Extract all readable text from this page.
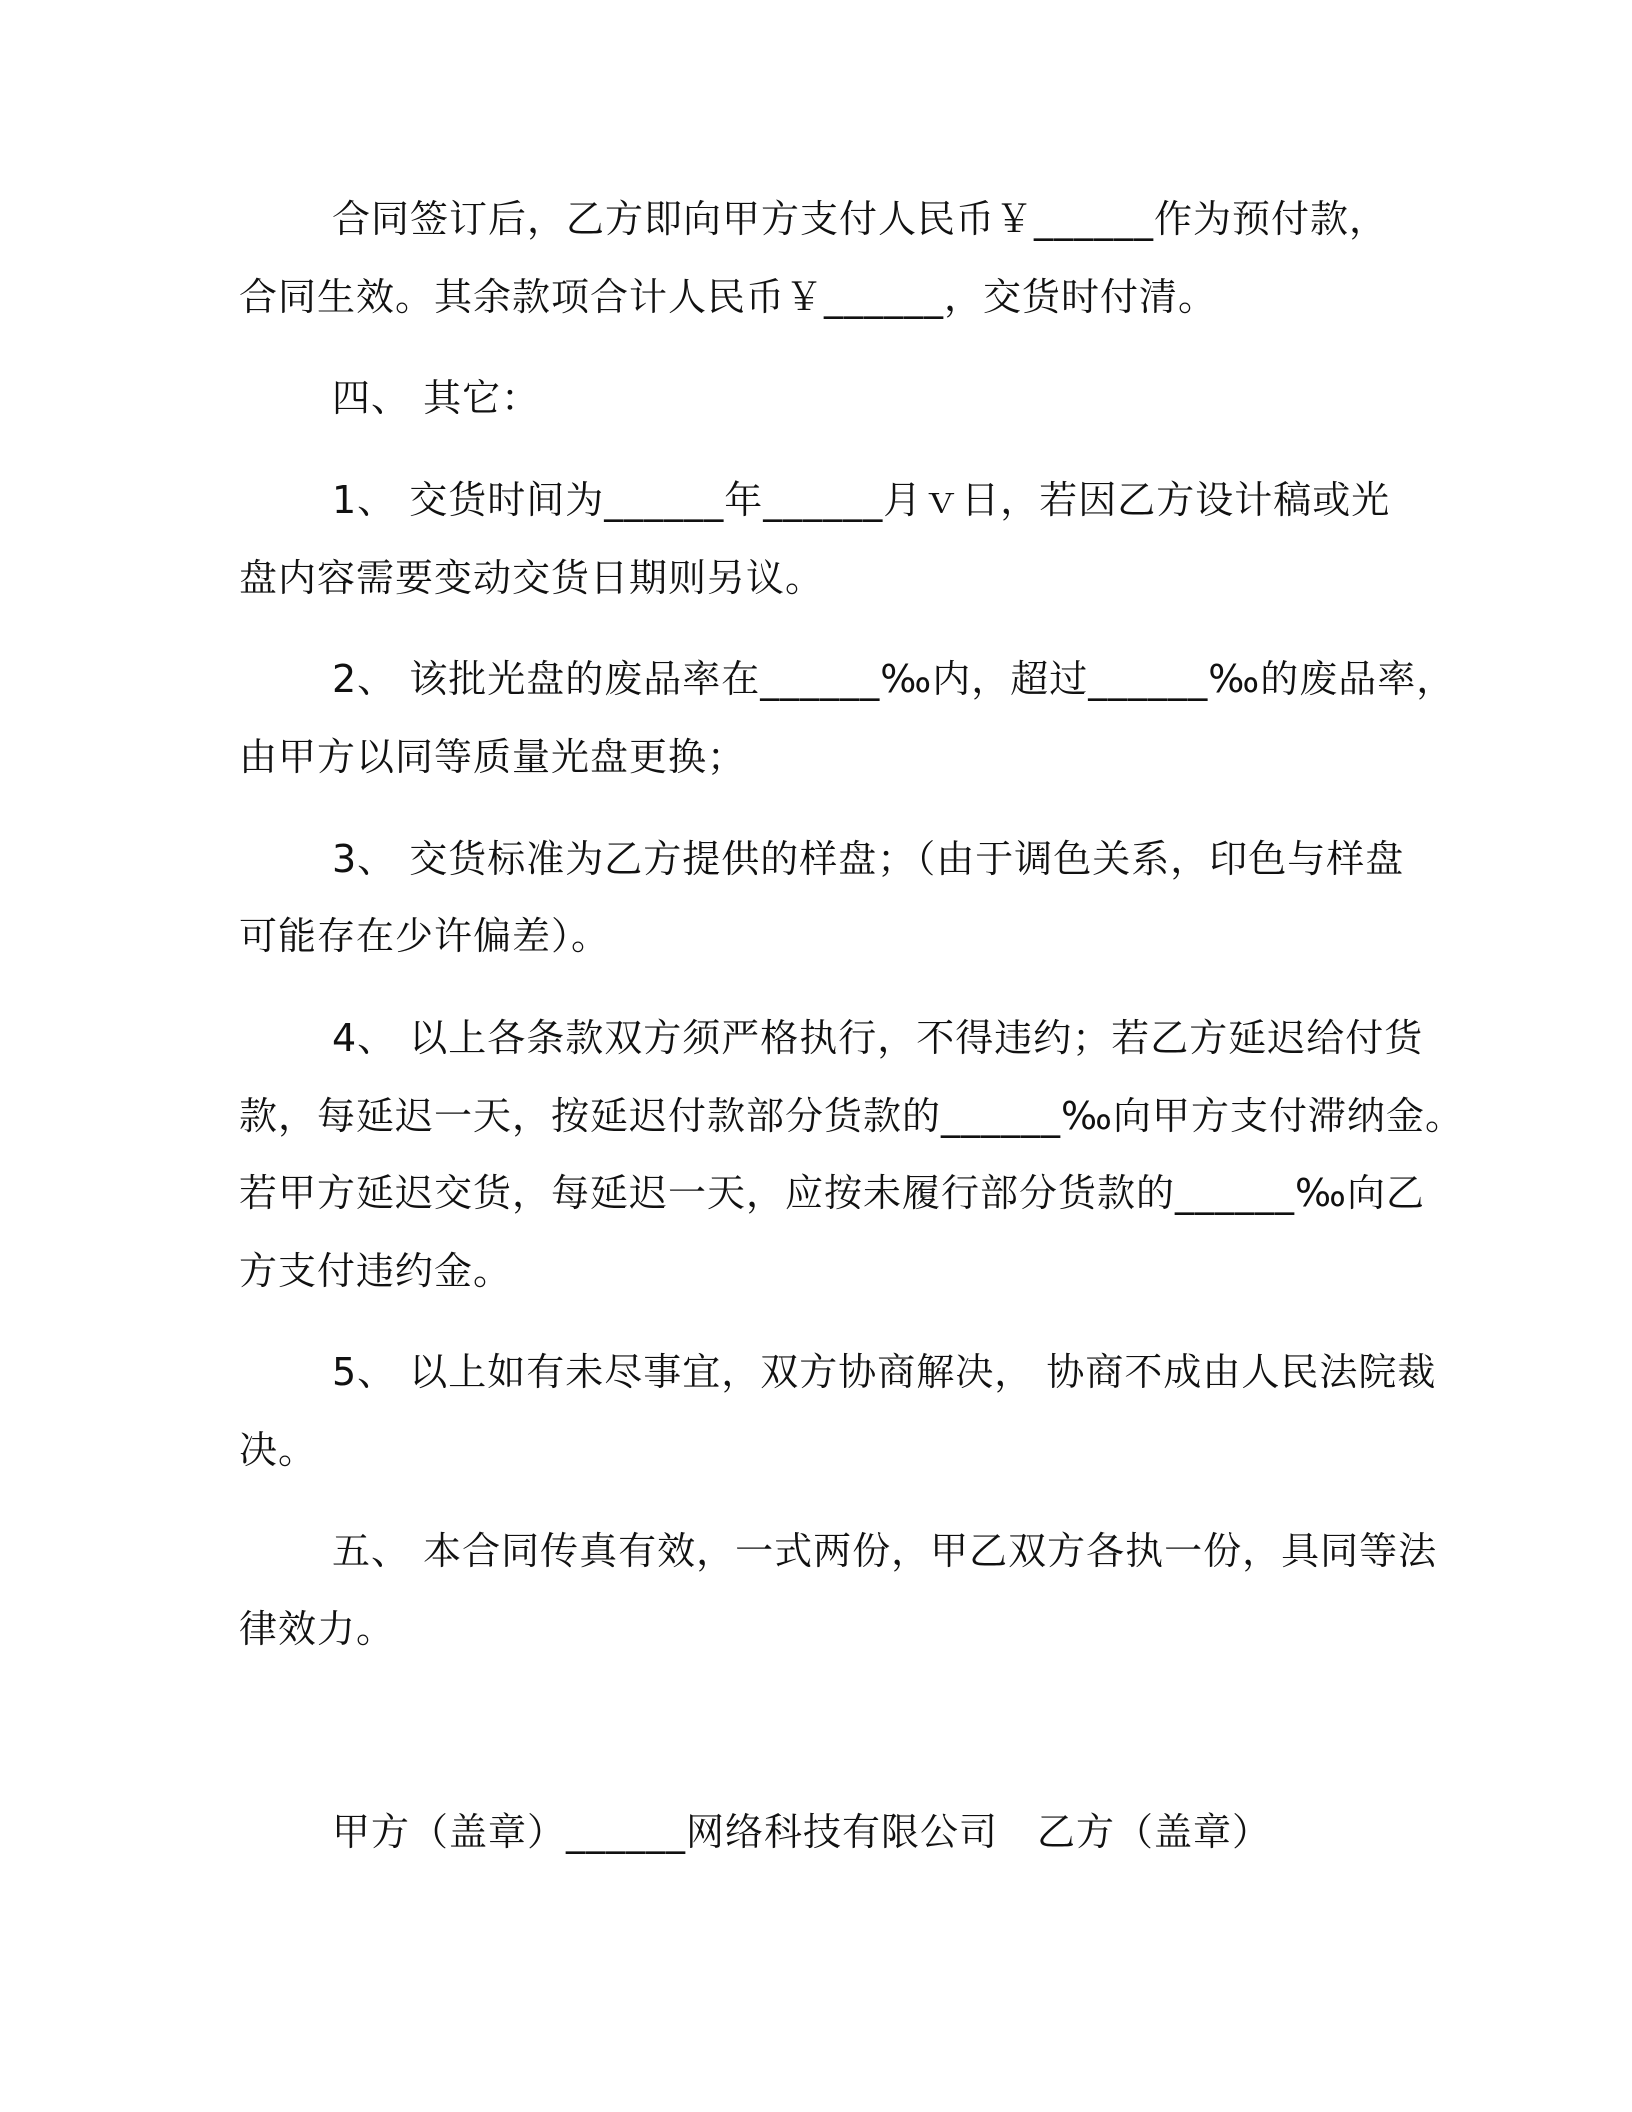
合同签订后，乙方即向甲方支付人民币￥______作为预付款，
合同生效。其余款项合计人民币￥______，交货时付清。
四、 其它：
1、 交货时间为______年______月ｖ日，若因乙方设计稿或光
盘内容需要变动交货日期则另议。
2、 该批光盘的废品率在______‰内，超过______‰的废品率，
由甲方以同等质量光盘更换；
3、 交货标准为乙方提供的样盘；（由于调色关系，印色与样盘
可能存在少许偏差）。
4、 以上各条款双方须严格执行，不得违约；若乙方延迟给付货
款，每延迟一天，按延迟付款部分货款的______‰向甲方支付滞纳金。
若甲方延迟交货，每延迟一天，应按未履行部分货款的______‰向乙
方支付违约金。
5、 以上如有未尽事宜，双方协商解决， 协商不成由人民法院裁
决。
五、 本合同传真有效，一式两份，甲乙双方各执一份，具同等法
律效力。
甲方（盖章）______网络科技有限公司　乙方（盖章）
